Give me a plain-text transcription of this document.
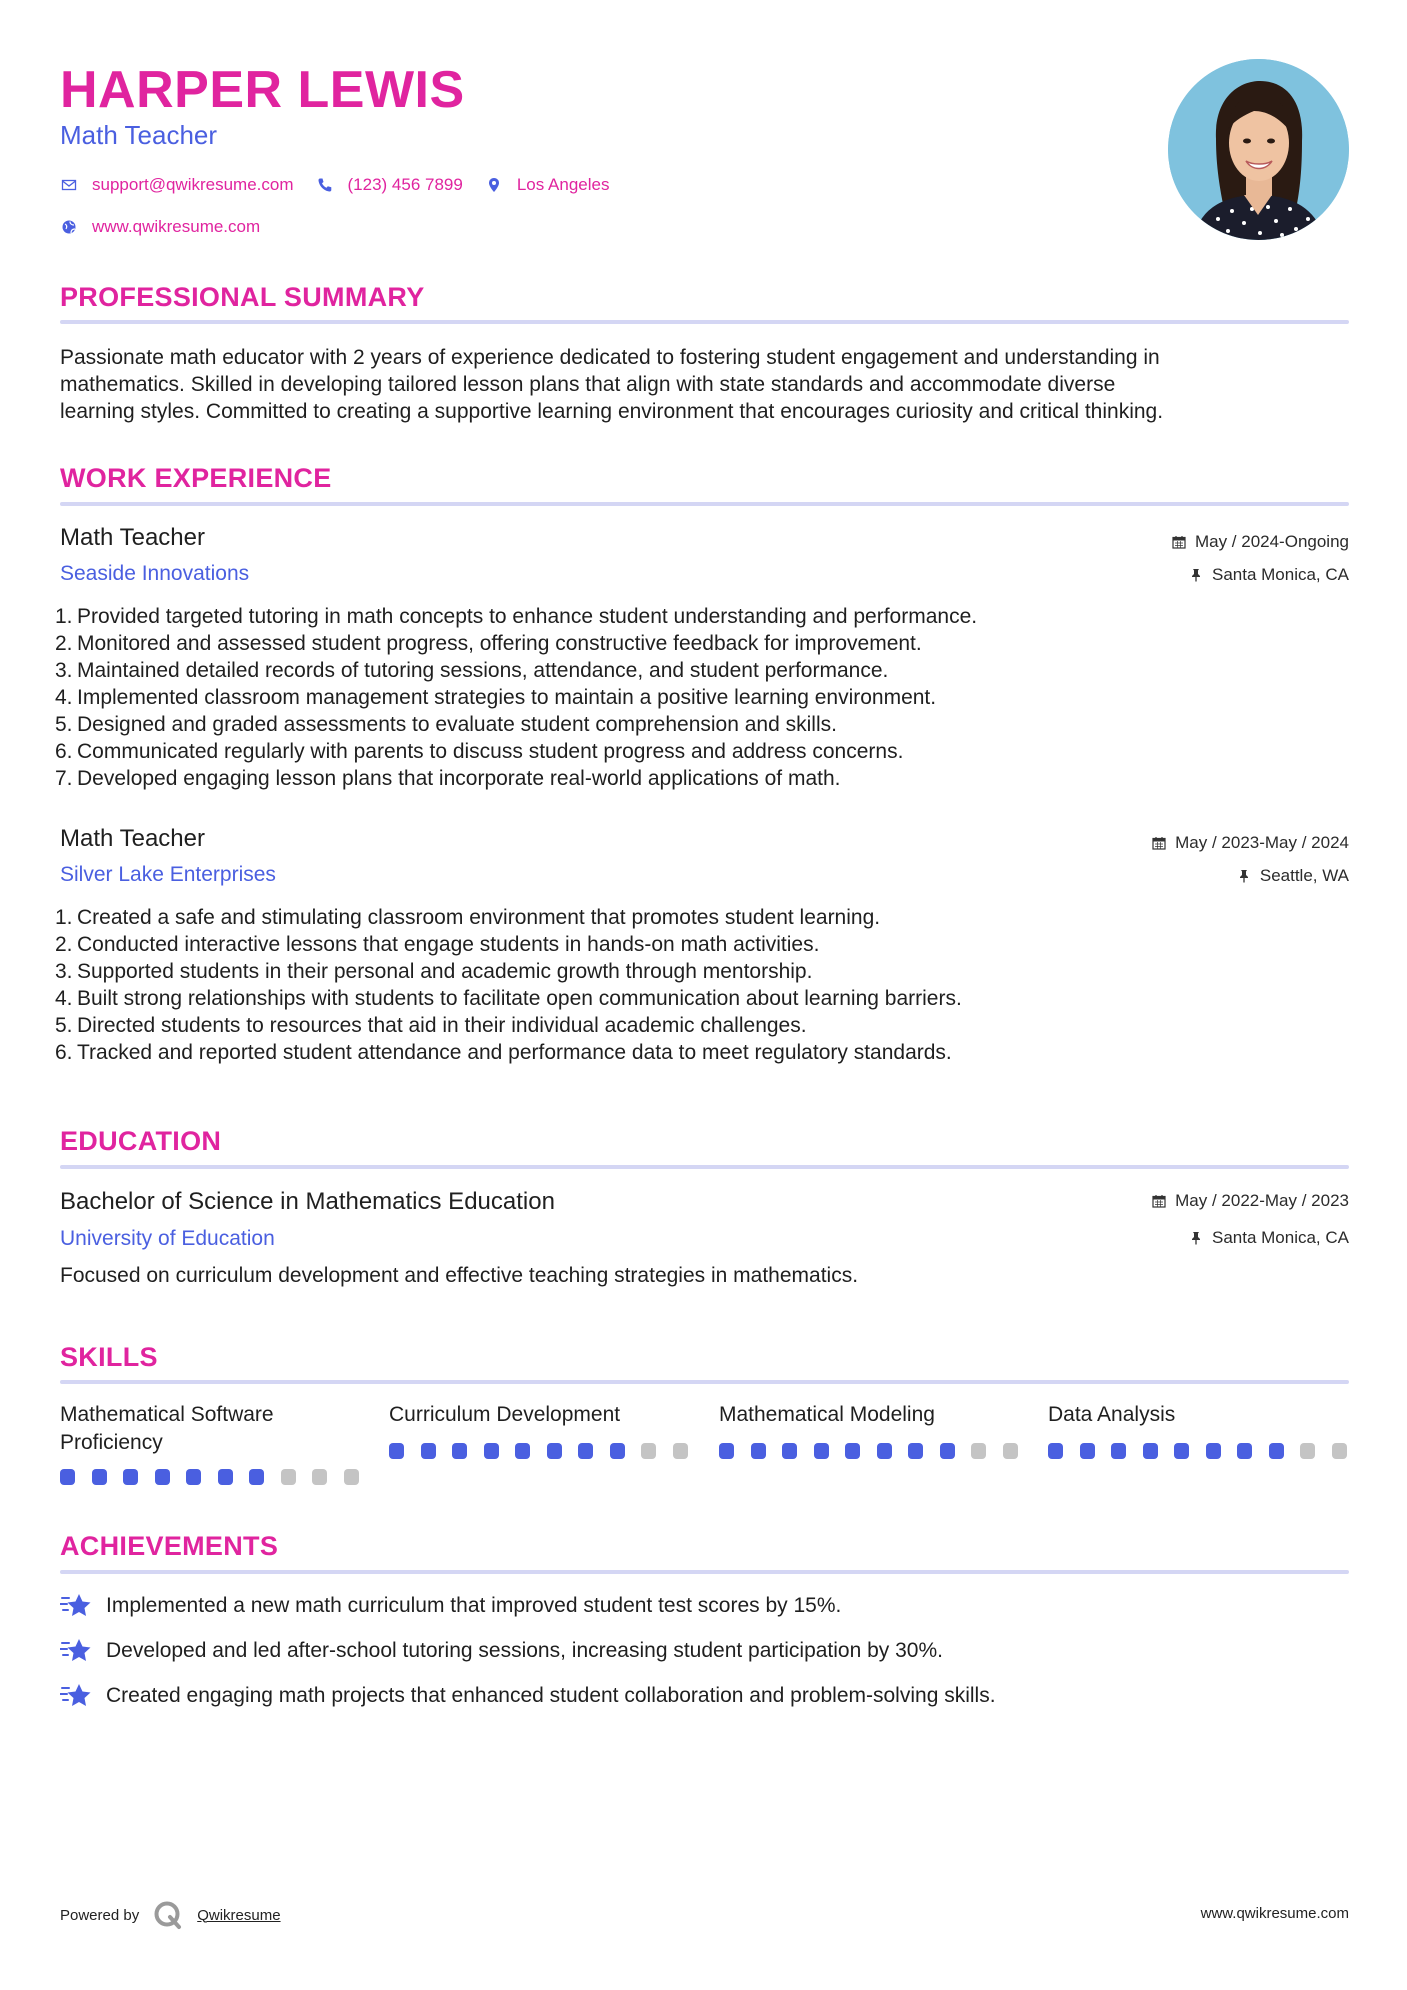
HARPER LEWIS
Math Teacher
support@qwikresume.com	(123) 456 7899	Los Angeles
www.qwikresume.com
PROFESSIONAL SUMMARY
Passionate math educator with 2 years of experience dedicated to fostering student engagement and understanding in
mathematics. Skilled in developing tailored lesson plans that align with state standards and accommodate diverse
learning styles. Committed to creating a supportive learning environment that encourages curiosity and critical thinking.
WORK EXPERIENCE
Math Teacher
Seaside Innovations
May / 2024-Ongoing
Santa Monica, CA
1. Provided targeted tutoring in math concepts to enhance student understanding and performance.
2. Monitored and assessed student progress, offering constructive feedback for improvement.
3. Maintained detailed records of tutoring sessions, attendance, and student performance.
4. Implemented classroom management strategies to maintain a positive learning environment.
5. Designed and graded assessments to evaluate student comprehension and skills.
6. Communicated regularly with parents to discuss student progress and address concerns.
7. Developed engaging lesson plans that incorporate real-world applications of math.
Math Teacher
Silver Lake Enterprises
May / 2023-May / 2024
Seattle, WA
1. Created a safe and stimulating classroom environment that promotes student learning.
2. Conducted interactive lessons that engage students in hands-on math activities.
3. Supported students in their personal and academic growth through mentorship.
4. Built strong relationships with students to facilitate open communication about learning barriers.
5. Directed students to resources that aid in their individual academic challenges.
6. Tracked and reported student attendance and performance data to meet regulatory standards.
EDUCATION
Bachelor of Science in Mathematics Education
University of Education
May / 2022-May / 2023
Santa Monica, CA
Focused on curriculum development and effective teaching strategies in mathematics.
SKILLS
Mathematical Software
Proficiency
Curriculum Development	Mathematical Modeling	Data Analysis
ACHIEVEMENTS
Implemented a new math curriculum that improved student test scores by 15%.
Developed and led after-school tutoring sessions, increasing student participation by 30%.
Created engaging math projects that enhanced student collaboration and problem-solving skills.
Powered by	Qwikresume	www.qwikresume.com
